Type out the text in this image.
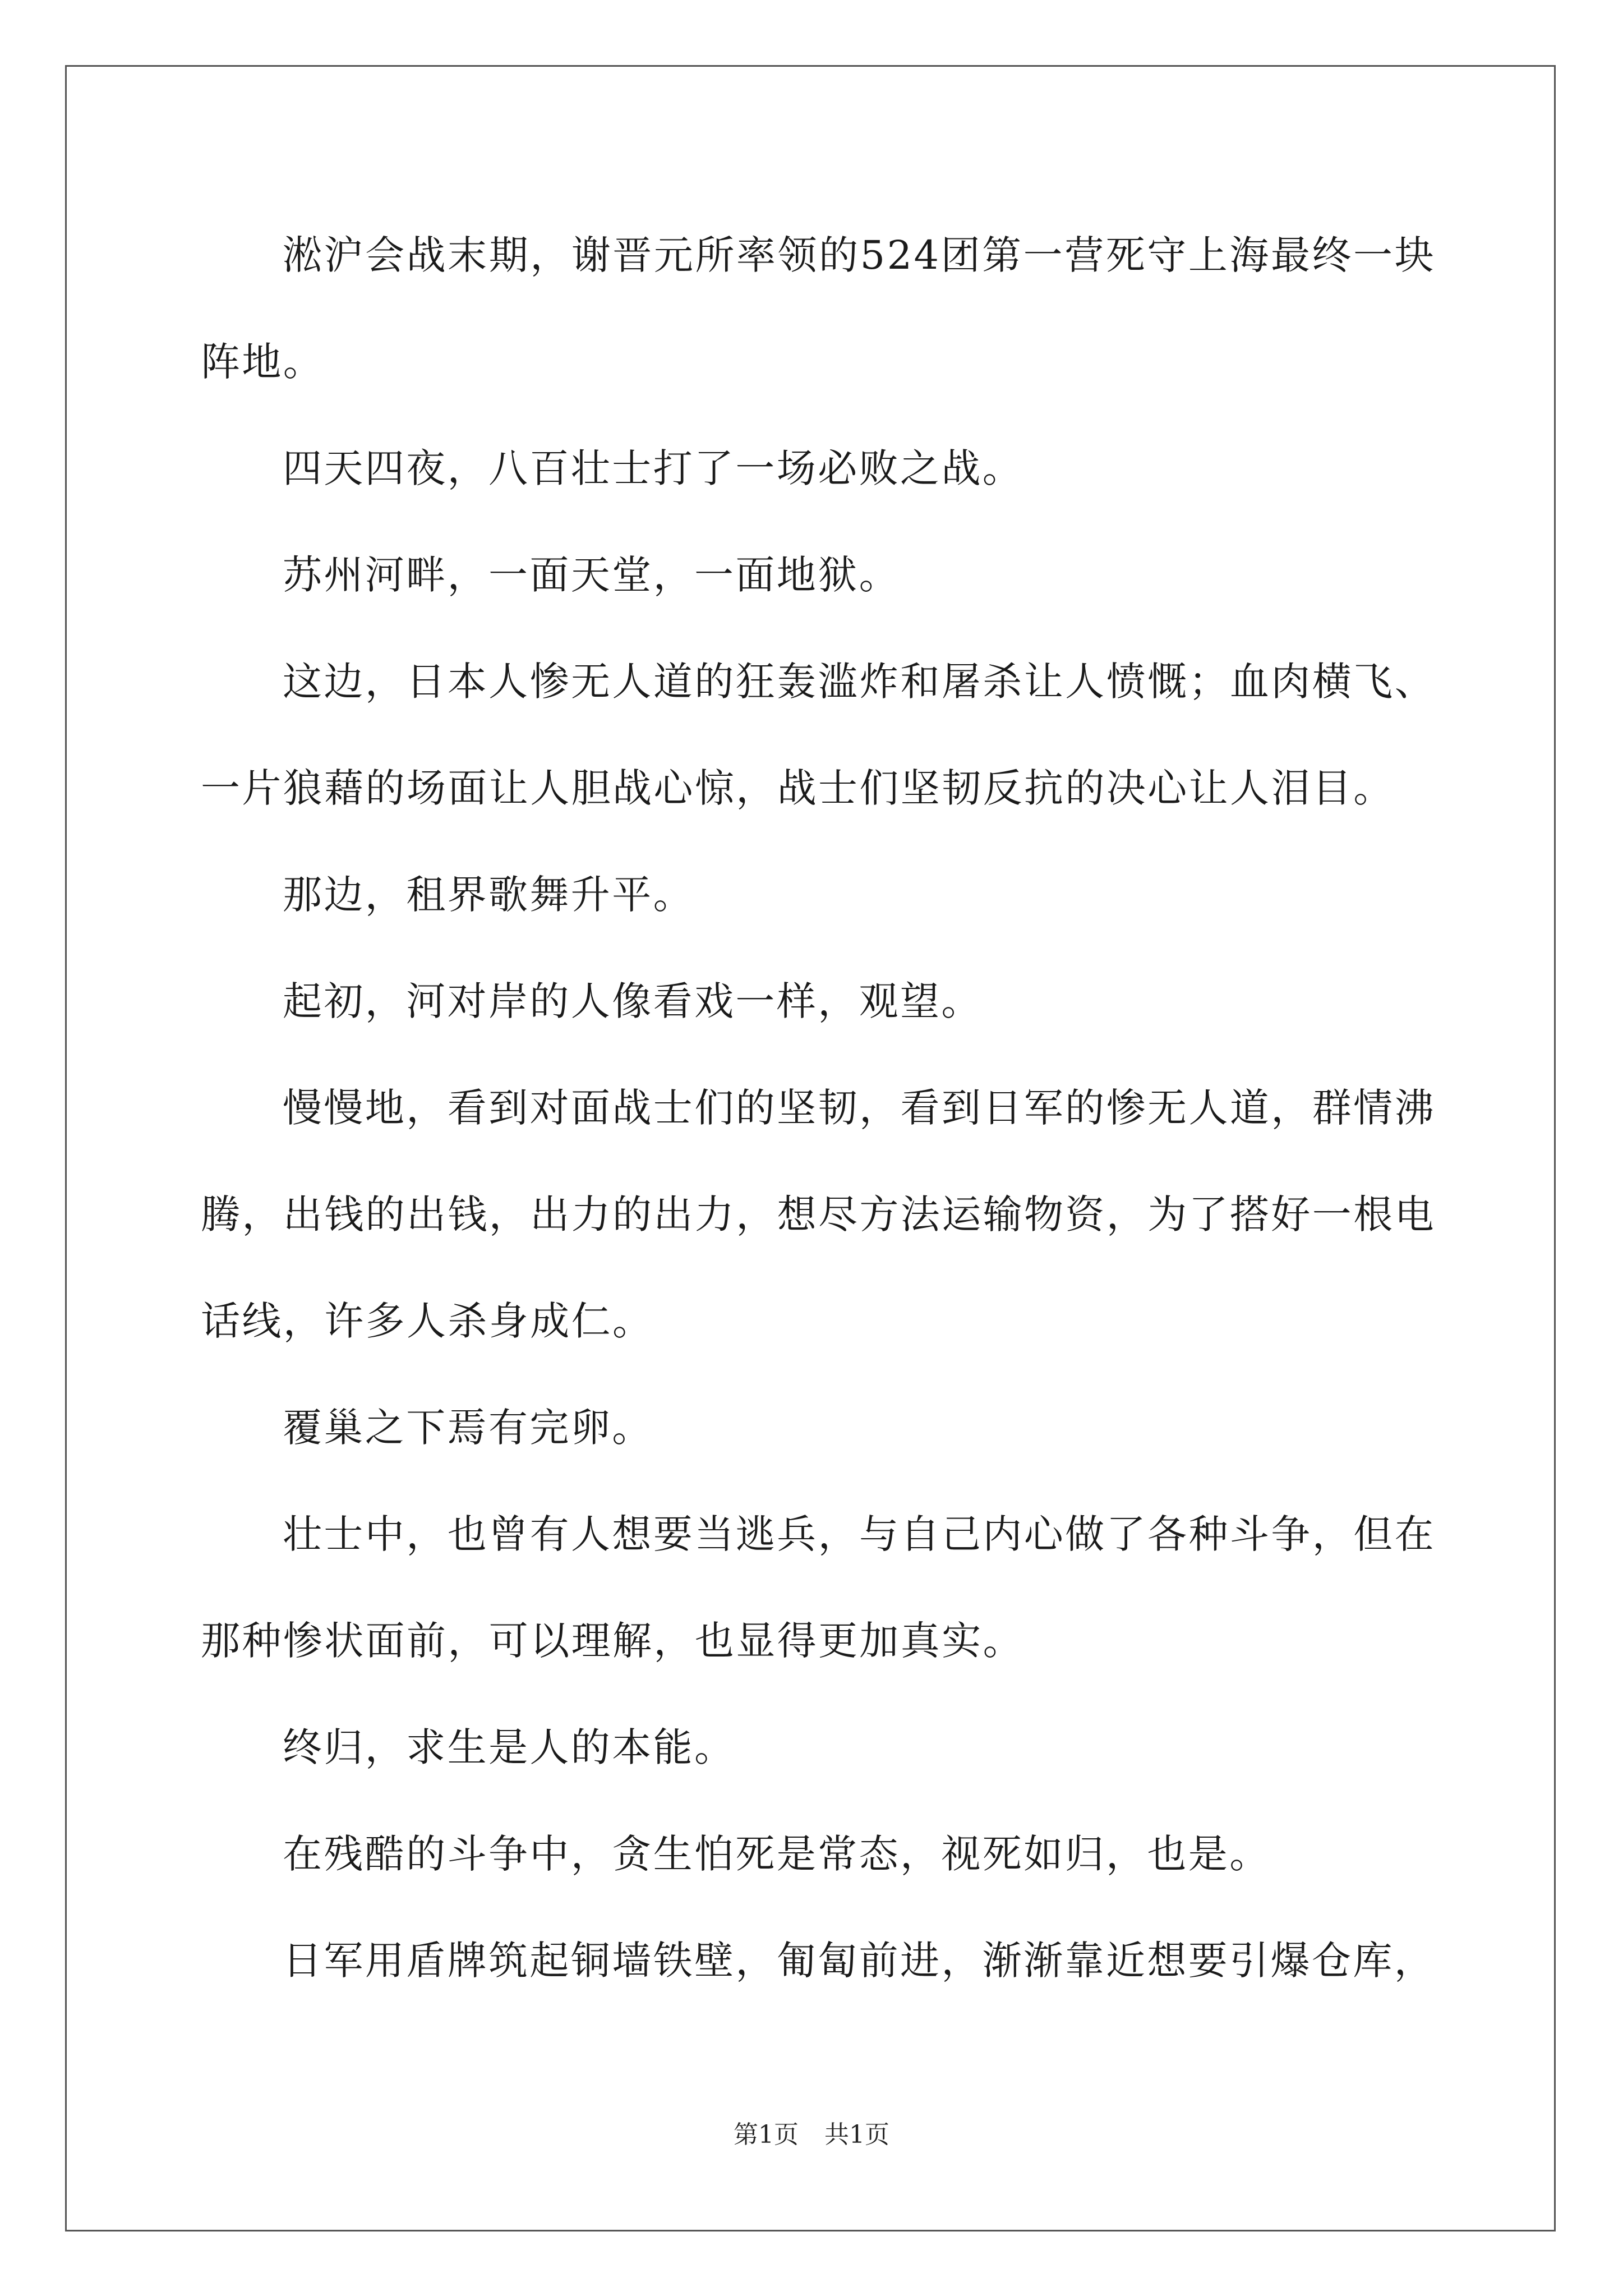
淞沪会战末期，谢晋元所率领的524团第一营死守上海最终一块阵地。

四天四夜，八百壮士打了一场必败之战。

苏州河畔，一面天堂，一面地狱。

这边，日本人惨无人道的狂轰滥炸和屠杀让人愤慨；血肉横飞、一片狼藉的场面让人胆战心惊，战士们坚韧反抗的决心让人泪目。

那边，租界歌舞升平。

起初，河对岸的人像看戏一样，观望。

慢慢地，看到对面战士们的坚韧，看到日军的惨无人道，群情沸腾，出钱的出钱，出力的出力，想尽方法运输物资，为了搭好一根电话线，许多人杀身成仁。

覆巢之下焉有完卵。

壮士中，也曾有人想要当逃兵，与自己内心做了各种斗争，但在那种惨状面前，可以理解，也显得更加真实。

终归，求生是人的本能。

在残酷的斗争中，贪生怕死是常态，视死如归，也是。

日军用盾牌筑起铜墙铁壁，匍匐前进，渐渐靠近想要引爆仓库，

第1页 共1页
